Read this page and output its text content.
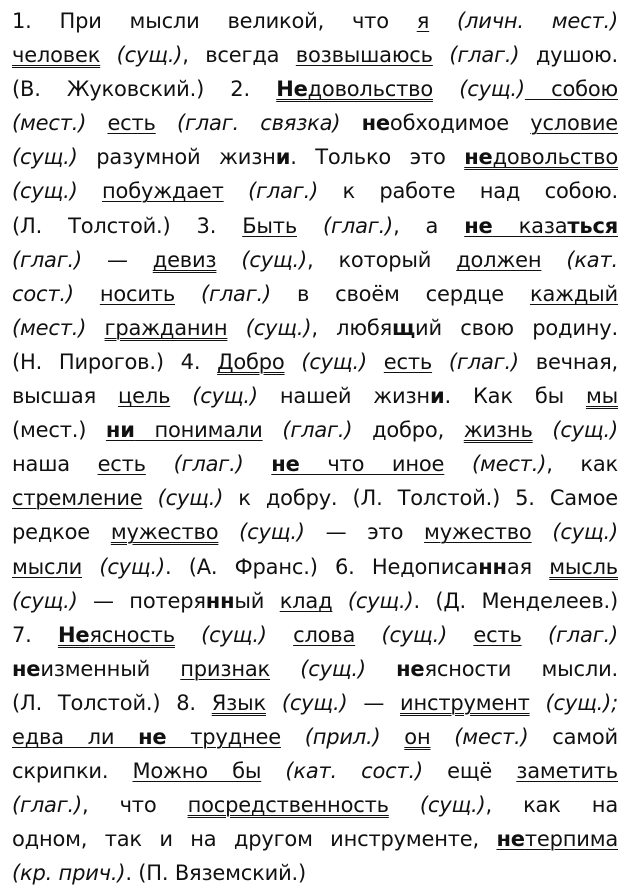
1. При мысли великой, что я (личн. мест.)
человек (сущ.), всегда возвышаюсь (глаг.) душою.
(В. Жуковский.) 2. Недовольство (сущ.) собою
(мест.) есть (глаг. связка) необходимое условие
(сущ.) разумной жизни. Только это недовольство
(сущ.) побуждает (глаг.) к работе над собою.
(Л. Толстой.) 3. Быть (глаг.), а не казаться
(глаг.) — девиз (сущ.), который должен (кат.
сост.) носить (глаг.) в своём сердце каждый
(мест.) гражданин (сущ.), любящий свою родину.
(Н. Пирогов.) 4. Добро (сущ.) есть (глаг.) вечная,
высшая цель (сущ.) нашей жизни. Как бы мы
(мест.) ни понимали (глаг.) добро, жизнь (сущ.)
наша есть (глаг.) не что иное (мест.), как
стремление (сущ.) к добру. (Л. Толстой.) 5. Самое
редкое мужество (сущ.) — это мужество (сущ.)
мысли (сущ.). (А. Франс.) 6. Недописанная мысль
(сущ.) — потерянный клад (сущ.). (Д. Менделеев.)
7. Неясность (сущ.) слова (сущ.) есть (глаг.)
неизменный признак (сущ.) неясности мысли.
(Л. Толстой.) 8. Язык (сущ.) — инструмент (сущ.);
едва ли не труднее (прил.) он (мест.) самой
скрипки. Можно бы (кат. сост.) ещё заметить
(глаг.), что посредственность (сущ.), как на
одном, так и на другом инструменте, нетерпима
(кр. прич.). (П. Вяземский.)
